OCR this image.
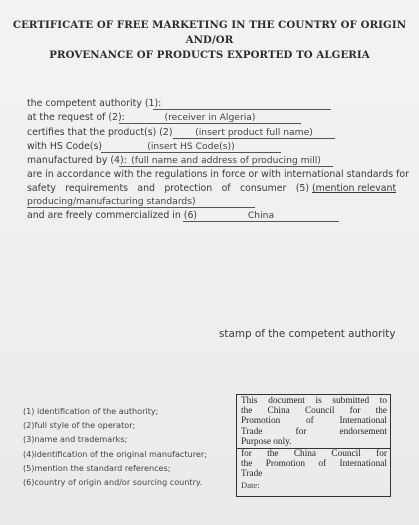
CERTIFICATE OF FREE MARKETING IN THE COUNTRY OF ORIGIN AND/OR
PROVENANCE OF PRODUCTS EXPORTED TO ALGERIA
the competent authority (1):
at the request of (2):	(receiver in Algeria)
certifies that the product(s) (2)	(insert product full name)
with HS Code(s)	(insert HS Code(s))
manufactured by (4): (full name and address of producing mill)
are in accordance with the regulations in force or with international standards for
safety requirements and protection of consumer (5) (mention relevant
producing/manufacturing standards)
and are freely commercialized in (6)	China
stamp of the competent authority
(1) identification of the authority;
(2)full style of the operator;
(3)name and trademarks;
(4)identification of the original manufacturer;
(5)mention the standard references;
(6)country of origin and/or sourcing country.
This document is submitted to
the China Council for the
Promotion of International
Trade for endorsement
Purpose only.
for the China Council for
the Promotion of International
Trade
Date:
